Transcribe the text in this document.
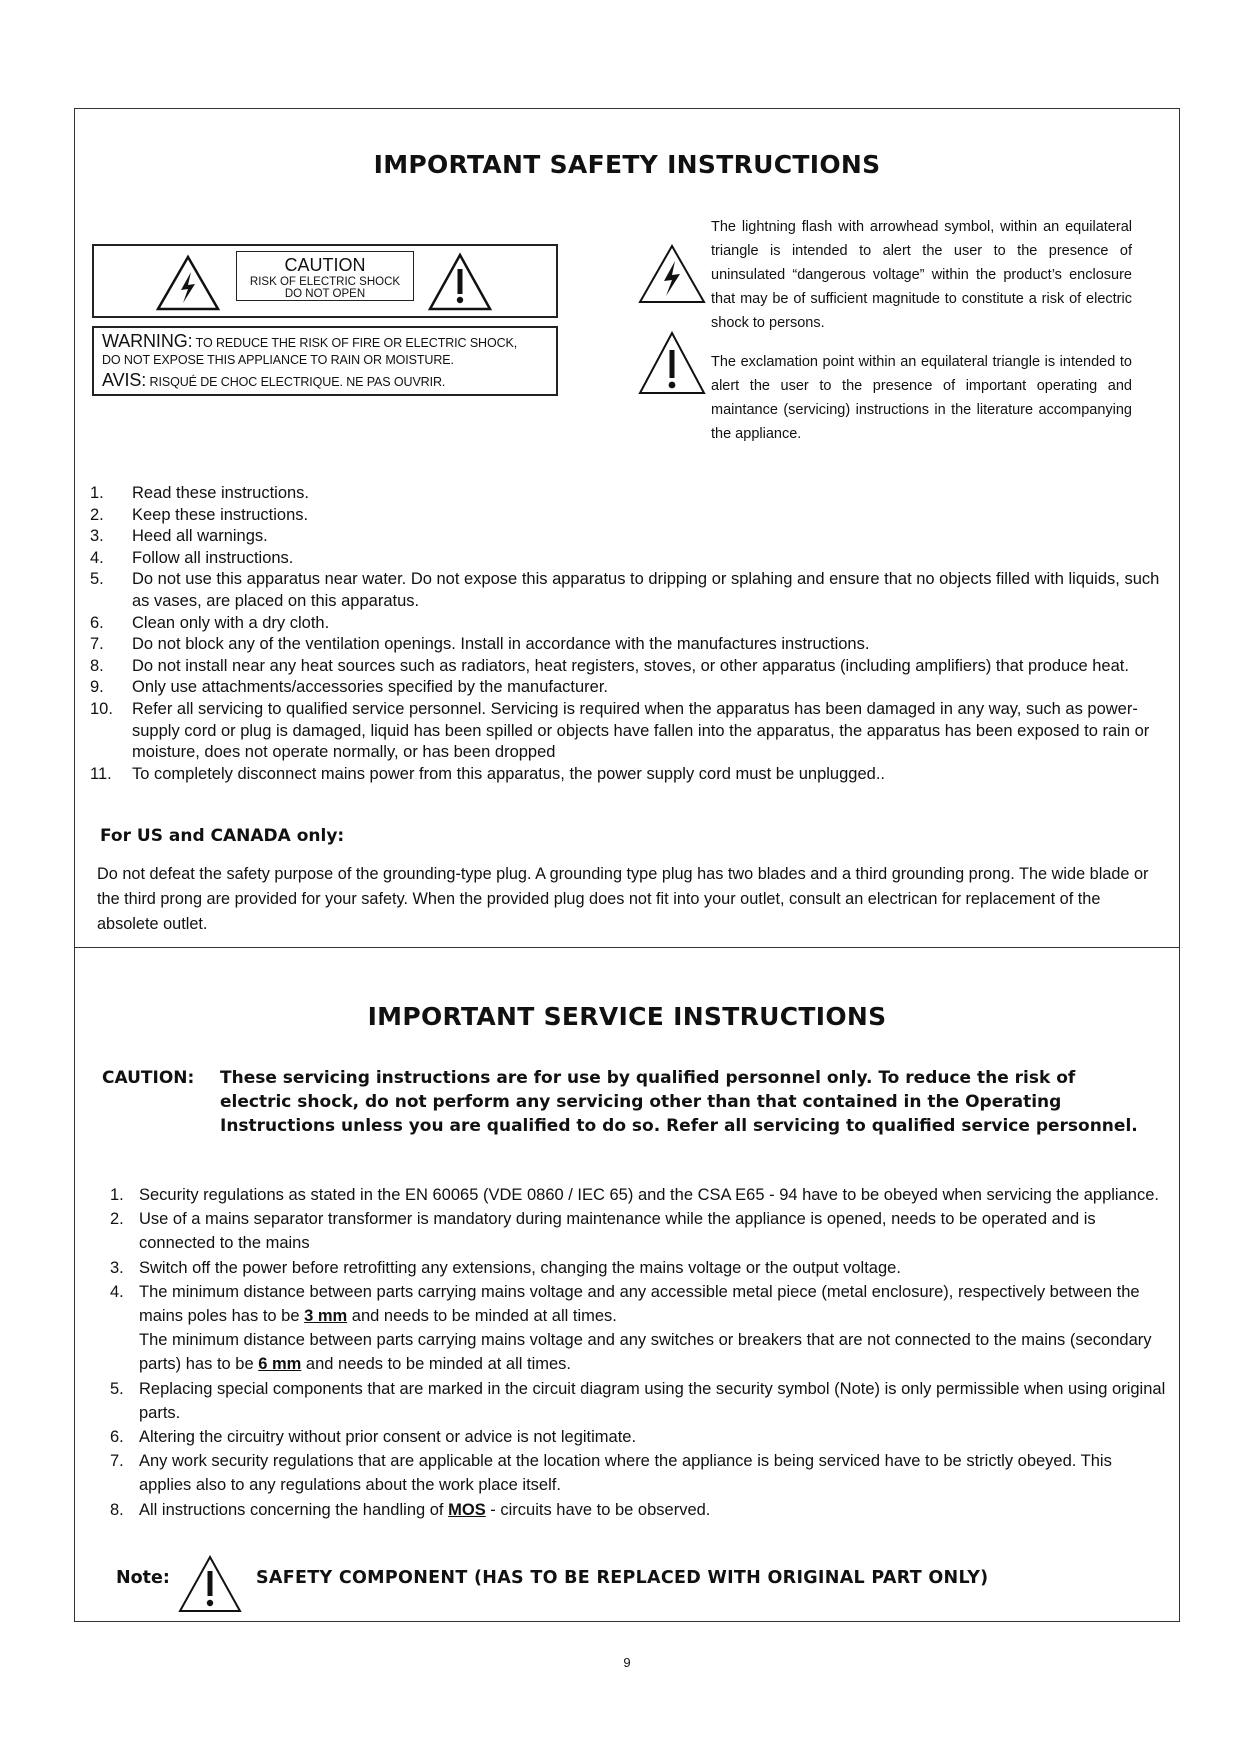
IMPORTANT SAFETY INSTRUCTIONS
CAUTION
RISK OF ELECTRIC SHOCK
DO NOT OPEN
WARNING: TO REDUCE THE RISK OF FIRE OR ELECTRIC SHOCK,
DO NOT EXPOSE THIS APPLIANCE TO RAIN OR MOISTURE.
AVIS: RISQUÉ DE CHOC ELECTRIQUE. NE PAS OUVRIR.
The lightning flash with arrowhead symbol, within an equilateral triangle is intended to alert the user to the presence of uninsulated “dangerous voltage” within the product’s enclosure that may be of sufficient magnitude to constitute a risk of electric shock to persons.
The exclamation point within an equilateral triangle is intended to alert the user to the presence of important operating and maintance (servicing) instructions in the literature accompanying the appliance.
1. Read these instructions.
2. Keep these instructions.
3. Heed all warnings.
4. Follow all instructions.
5. Do not use this apparatus near water. Do not expose this apparatus to dripping or splahing and ensure that no objects filled with liquids, such as vases, are placed on this apparatus.
6. Clean only with a dry cloth.
7. Do not block any of the ventilation openings. Install in accordance with the manufactures instructions.
8. Do not install near any heat sources such as radiators, heat registers, stoves, or other apparatus (including amplifiers) that produce heat.
9. Only use attachments/accessories specified by the manufacturer.
10. Refer all servicing to qualified service personnel. Servicing is required when the apparatus has been damaged in any way, such as power-supply cord or plug is damaged, liquid has been spilled or objects have fallen into the apparatus, the apparatus has been exposed to rain or moisture, does not operate normally, or has been dropped
11. To completely disconnect mains power from this apparatus, the power supply cord must be unplugged..
For US and CANADA only:
Do not defeat the safety purpose of the grounding-type plug. A grounding type plug has two blades and a third grounding prong. The wide blade or the third prong are provided for your safety. When the provided plug does not fit into your outlet, consult an electrican for replacement of the absolete outlet.
IMPORTANT SERVICE INSTRUCTIONS
CAUTION: These servicing instructions are for use by qualified personnel only. To reduce the risk of electric shock, do not perform any servicing other than that contained in the Operating Instructions unless you are qualified to do so. Refer all servicing to qualified service personnel.
1. Security regulations as stated in the EN 60065 (VDE 0860 / IEC 65) and the CSA E65 - 94 have to be obeyed when servicing the appliance.
2. Use of a mains separator transformer is mandatory during maintenance while the appliance is opened, needs to be operated and is connected to the mains
3. Switch off the power before retrofitting any extensions, changing the mains voltage or the output voltage.
4. The minimum distance between parts carrying mains voltage and any accessible metal piece (metal enclosure), respectively between the mains poles has to be 3 mm and needs to be minded at all times.
The minimum distance between parts carrying mains voltage and any switches or breakers that are not connected to the mains (secondary parts) has to be 6 mm and needs to be minded at all times.
5. Replacing special components that are marked in the circuit diagram using the security symbol (Note) is only permissible when using original parts.
6. Altering the circuitry without prior consent or advice is not legitimate.
7. Any work security regulations that are applicable at the location where the appliance is being serviced have to be strictly obeyed. This applies also to any regulations about the work place itself.
8. All instructions concerning the handling of MOS - circuits have to be observed.
Note:	SAFETY COMPONENT (HAS TO BE REPLACED WITH ORIGINAL PART ONLY)
9
